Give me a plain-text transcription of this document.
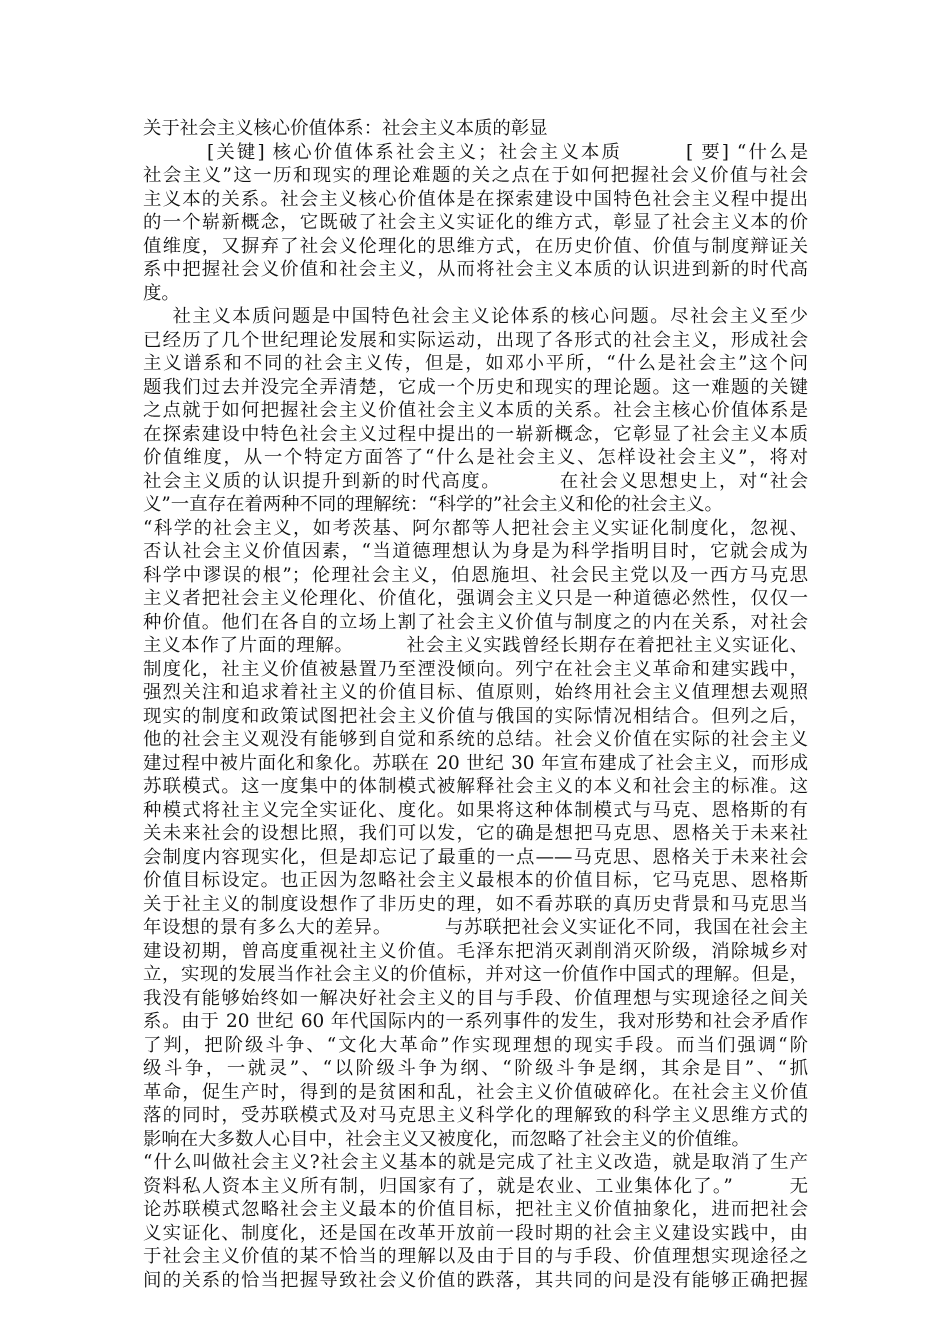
关于社会主义核心价值体系：社会主义本质的彰显
[关键] 核心价值体系社会主义；社会主义本质        [ 要] “什么是
社会主义”这一历和现实的理论难题的关之点在于如何把握社会义价值与社会
主义本的关系。社会主义核心价值体是在探索建设中国特色社会主义程中提出
的一个崭新概念，它既破了社会主义实证化的维方式，彰显了社会主义本的价
值维度，又摒弃了社会义伦理化的思维方式，在历史价值、价值与制度辩证关
系中把握社会义价值和社会主义，从而将社会主义本质的认识进到新的时代高
度。
社主义本质问题是中国特色社会主义论体系的核心问题。尽社会主义至少
已经历了几个世纪理论发展和实际运动，出现了各形式的社会主义，形成社会
主义谱系和不同的社会主义传，但是，如邓小平所，“什么是社会主”这个问
题我们过去并没完全弄清楚，它成一个历史和现实的理论题。这一难题的关键
之点就于如何把握社会主义价值社会主义本质的关系。社会主核心价值体系是
在探索建设中特色社会主义过程中提出的一崭新概念，它彰显了社会主义本质
价值维度，从一个特定方面答了“什么是社会主义、怎样设社会主义”，将对
社会主义质的认识提升到新的时代高度。        在社会义思想史上，对“社会
义”一直存在着两种不同的理解统：“科学的”社会主义和伦的社会主义。
“科学的社会主义，如考茨基、阿尔都等人把社会主义实证化制度化，忽视、
否认社会主义价值因素，“当道德理想认为身是为科学指明目时，它就会成为
科学中谬误的根”；伦理社会主义，伯恩施坦、社会民主党以及一西方马克思
主义者把社会主义伦理化、价值化，强调会主义只是一种道德必然性，仅仅一
种价值。他们在各自的立场上割了社会主义价值与制度之的内在关系，对社会
主义本作了片面的理解。        社会主义实践曾经长期存在着把社主义实证化、
制度化，社主义价值被悬置乃至湮没倾向。列宁在社会主义革命和建实践中，
强烈关注和追求着社主义的价值目标、值原则，始终用社会主义值理想去观照
现实的制度和政策试图把社会主义价值与俄国的实际情况相结合。但列之后，
他的社会主义观没有能够到自觉和系统的总结。社会义价值在实际的社会主义
建过程中被片面化和象化。苏联在 20 世纪 30 年宣布建成了社会主义，而形成
苏联模式。这一度集中的体制模式被解释社会主义的本义和社会主的标准。这
种模式将社主义完全实证化、度化。如果将这种体制模式与马克、恩格斯的有
关未来社会的设想比照，我们可以发，它的确是想把马克思、恩格关于未来社
会制度内容现实化，但是却忘记了最重的一点——马克思、恩格关于未来社会
价值目标设定。也正因为忽略社会主义最根本的价值目标，它马克思、恩格斯
关于社主义的制度设想作了非历史的理，如不看苏联的真历史背景和马克思当
年设想的景有多么大的差异。        与苏联把社会义实证化不同，我国在社会主
建设初期，曾高度重视社主义价值。毛泽东把消灭剥削消灭阶级，消除城乡对
立，实现的发展当作社会主义的价值标，并对这一价值作中国式的理解。但是，
我没有能够始终如一解决好社会主义的目与手段、价值理想与实现途径之间关
系。由于 20 世纪 60 年代国际内的一系列事件的发生，我对形势和社会矛盾作
了判，把阶级斗争、“文化大革命”作实现理想的现实手段。而当们强调“阶
级斗争，一就灵”、“以阶级斗争为纲、“阶级斗争是纲，其余是目”、“抓
革命，促生产时，得到的是贫困和乱，社会主义价值破碎化。在社会主义价值
落的同时，受苏联模式及对马克思主义科学化的理解致的科学主义思维方式的
影响在大多数人心目中，社会主义又被度化，而忽略了社会主义的价值维。
“什么叫做社会主义?社会主义基本的就是完成了社主义改造，就是取消了生产
资料私人资本主义所有制，归国家有了，就是农业、工业集体化了。”        无
论苏联模式忽略社会主义最本的价值目标，把社主义价值抽象化，进而把社会
义实证化、制度化，还是国在改革开放前一段时期的社会主义建设实践中，由
于社会主义价值的某不恰当的理解以及由于目的与手段、价值理想实现途径之
间的关系的恰当把握导致社会义价值的跌落，其共同的问是没有能够正确把握
